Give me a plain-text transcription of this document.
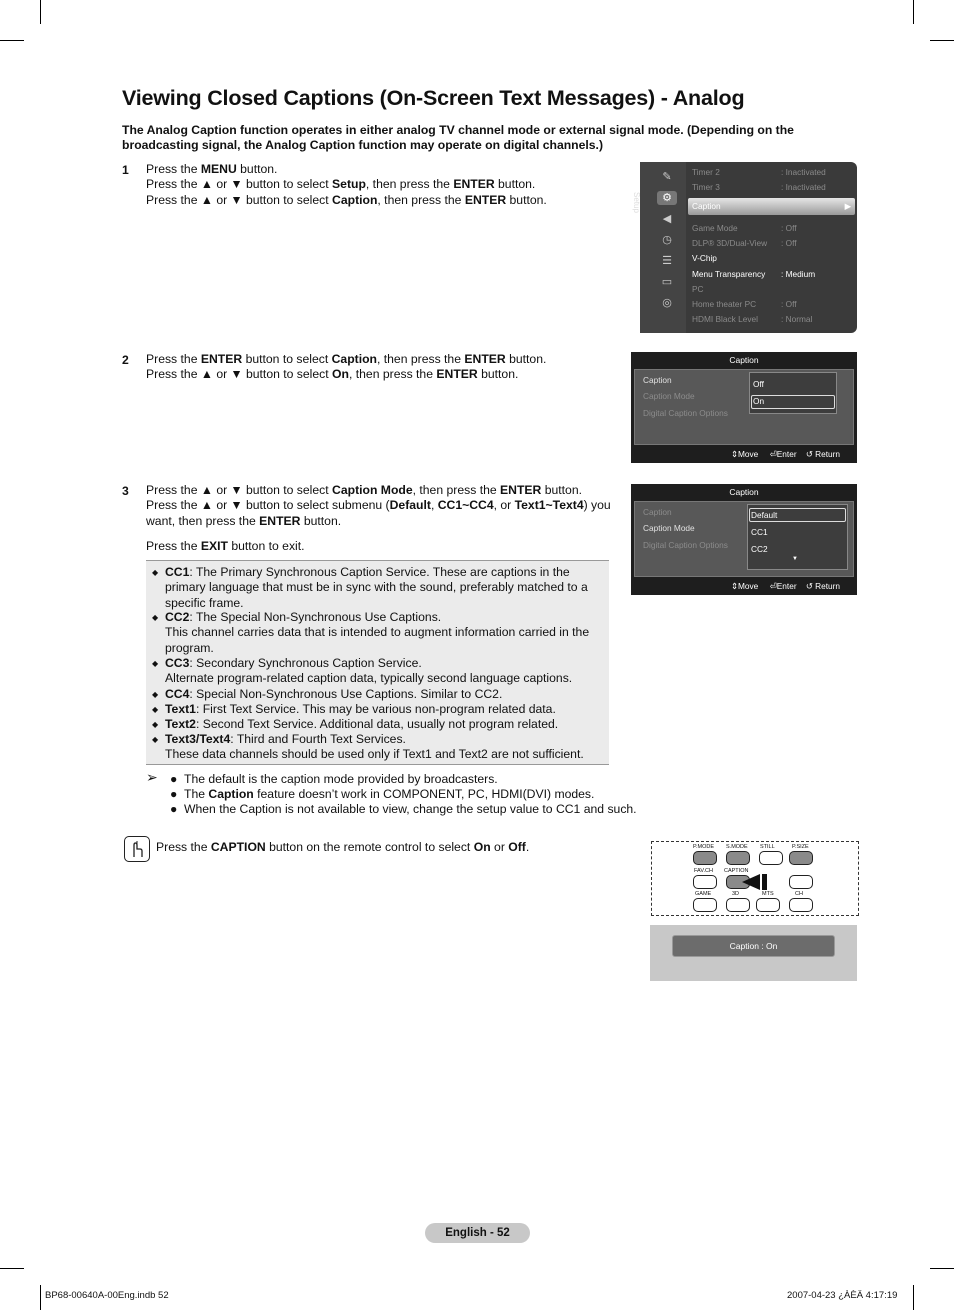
Viewing Closed Captions (On-Screen Text Messages) - Analog
The Analog Caption function operates in either analog TV channel mode or external signal mode. (Depending on the broadcasting signal, the Analog Caption function may operate on digital channels.)
1 Press the MENU button.
Press the ▲ or ▼ button to select Setup, then press the ENTER button.
Press the ▲ or ▼ button to select Caption, then press the ENTER button.	Setup
✎
⚙
◀
◷
☰
▭
◎
Timer 2	: Inactivated
Timer 3	: Inactivated
Caption	▶
Game Mode	: Off
DLP® 3D/Dual-View : Off
V-Chip
Menu Transparency : Medium
PC
Home theater PC	: Off
HDMI Black Level	: Normal
2 Press the ENTER button to select Caption, then press the ENTER button.
Press the ▲ or ▼ button to select On, then press the ENTER button.
Caption
Caption
Caption Mode
Digital Caption Options
Off
On
⇕Move ⏎Enter ↺ Return
3 Press the ▲ or ▼ button to select Caption Mode, then press the ENTER button.
Press the ▲ or ▼ button to select submenu (Default, CC1~CC4, or Text1~Text4) you want, then press the ENTER button.
Press the EXIT button to exit.
Caption
Caption
Caption Mode
Digital Caption Options
Default
CC1
CC2
▼
⇕Move ⏎Enter ↺ Return
◆ CC1: The Primary Synchronous Caption Service. These are captions in the primary language that must be in sync with the sound, preferably matched to a specific frame.
◆ CC2: The Special Non-Synchronous Use Captions.
This channel carries data that is intended to augment information carried in the program.
◆ CC3: Secondary Synchronous Caption Service.
Alternate program-related caption data, typically second language captions.
◆ CC4: Special Non-Synchronous Use Captions. Similar to CC2.
◆ Text1: First Text Service. This may be various non-program related data.
◆ Text2: Second Text Service. Additional data, usually not program related.
◆ Text3/Text4: Third and Fourth Text Services.
These data channels should be used only if Text1 and Text2 are not sufficient.
➢ ● The default is the caption mode provided by broadcasters.
● The Caption feature doesn’t work in COMPONENT, PC, HDMI(DVI) modes.
● When the Caption is not available to view, change the setup value to CC1 and such.
Press the CAPTION button on the remote control to select On or Off.	P.MODE S.MODE STILL	P.SIZE
FAV.CH CAPTION
GAME	3D	MTS	CH
Caption : On
English - 52
BP68-00640A-00Eng.indb 52	2007-04-23 ¿ÀÈÄ 4:17:19
